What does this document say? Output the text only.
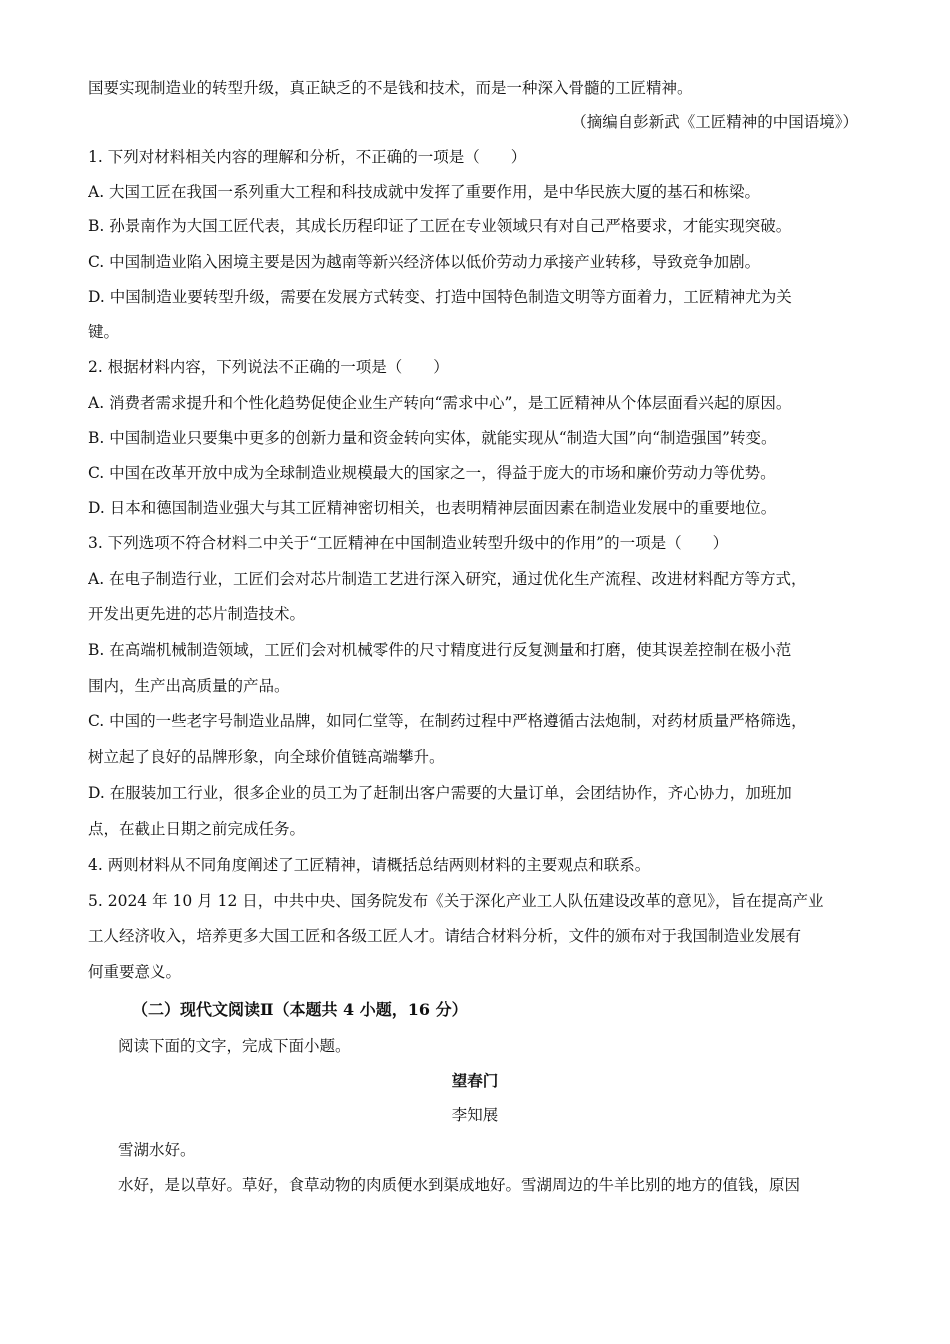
国要实现制造业的转型升级，真正缺乏的不是钱和技术，而是一种深入骨髓的工匠精神。
（摘编自彭新武《工匠精神的中国语境》）
1. 下列对材料相关内容的理解和分析，不正确的一项是（　　）
A. 大国工匠在我国一系列重大工程和科技成就中发挥了重要作用，是中华民族大厦的基石和栋梁。
B. 孙景南作为大国工匠代表，其成长历程印证了工匠在专业领域只有对自己严格要求，才能实现突破。
C. 中国制造业陷入困境主要是因为越南等新兴经济体以低价劳动力承接产业转移，导致竞争加剧。
D. 中国制造业要转型升级，需要在发展方式转变、打造中国特色制造文明等方面着力，工匠精神尤为关
键。
2. 根据材料内容，下列说法不正确的一项是（　　）
A. 消费者需求提升和个性化趋势促使企业生产转向“需求中心”，是工匠精神从个体层面看兴起的原因。
B. 中国制造业只要集中更多的创新力量和资金转向实体，就能实现从“制造大国”向“制造强国”转变。
C. 中国在改革开放中成为全球制造业规模最大的国家之一，得益于庞大的市场和廉价劳动力等优势。
D. 日本和德国制造业强大与其工匠精神密切相关，也表明精神层面因素在制造业发展中的重要地位。
3. 下列选项不符合材料二中关于“工匠精神在中国制造业转型升级中的作用”的一项是（　　）
A. 在电子制造行业，工匠们会对芯片制造工艺进行深入研究，通过优化生产流程、改进材料配方等方式，
开发出更先进的芯片制造技术。
B. 在高端机械制造领域，工匠们会对机械零件的尺寸精度进行反复测量和打磨，使其误差控制在极小范
围内，生产出高质量的产品。
C. 中国的一些老字号制造业品牌，如同仁堂等，在制药过程中严格遵循古法炮制，对药材质量严格筛选，
树立起了良好的品牌形象，向全球价值链高端攀升。
D. 在服装加工行业，很多企业的员工为了赶制出客户需要的大量订单，会团结协作，齐心协力，加班加
点，在截止日期之前完成任务。
4. 两则材料从不同角度阐述了工匠精神，请概括总结两则材料的主要观点和联系。
5. 2024 年 10 月 12 日，中共中央、国务院发布《关于深化产业工人队伍建设改革的意见》，旨在提高产业
工人经济收入，培养更多大国工匠和各级工匠人才。请结合材料分析，文件的颁布对于我国制造业发展有
何重要意义。
（二）现代文阅读Ⅱ（本题共 4 小题，16 分）
阅读下面的文字，完成下面小题。
望春门
李知展
雪湖水好。
水好，是以草好。草好，食草动物的肉质便水到渠成地好。雪湖周边的牛羊比别的地方的值钱，原因
